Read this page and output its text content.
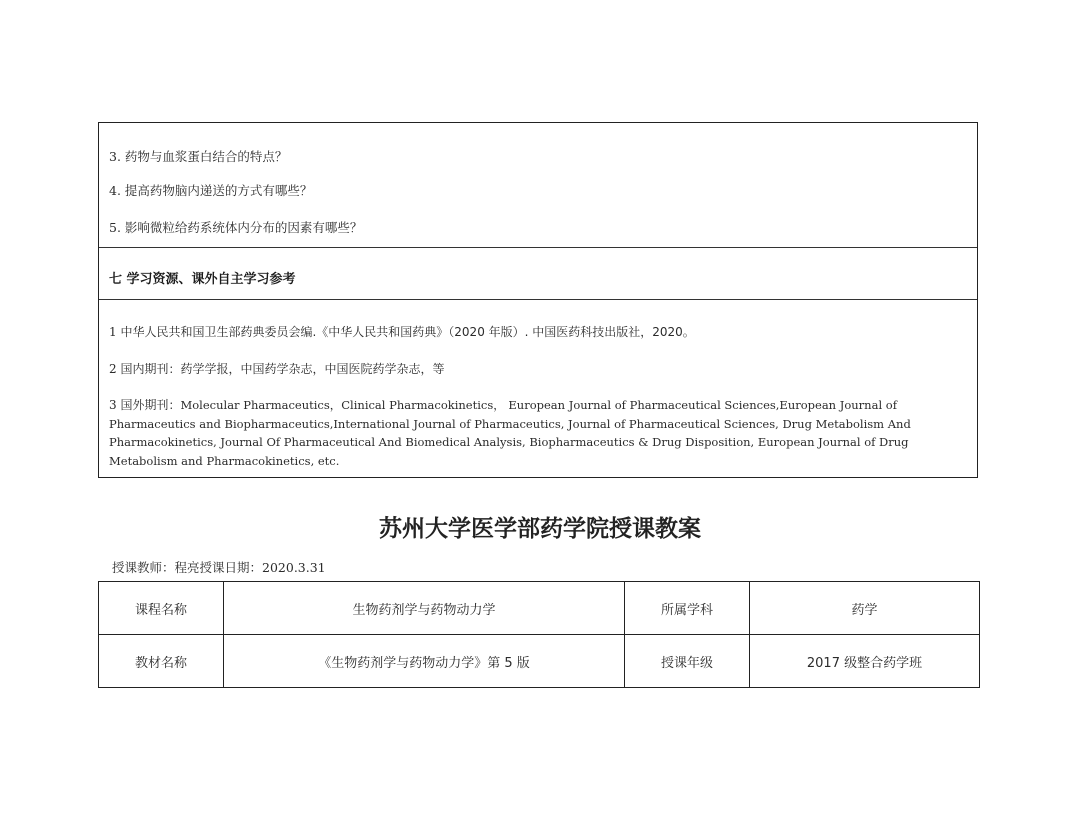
3. 药物与血浆蛋白结合的特点？
4. 提高药物脑内递送的方式有哪些？
5. 影响微粒给药系统体内分布的因素有哪些？
七 学习资源、课外自主学习参考
1 中华人民共和国卫生部药典委员会编.《中华人民共和国药典》（2020 年版）. 中国医药科技出版社，2020。
2 国内期刊：药学学报，中国药学杂志，中国医院药学杂志，等
3 国外期刊：Molecular Pharmaceutics，Clinical Pharmacokinetics， European Journal of Pharmaceutical Sciences,European Journal of Pharmaceutics and Biopharmaceutics,International Journal of Pharmaceutics, Journal of Pharmaceutical Sciences, Drug Metabolism And Pharmacokinetics, Journal Of Pharmaceutical And Biomedical Analysis, Biopharmaceutics & Drug Disposition, European Journal of Drug Metabolism and Pharmacokinetics, etc.
苏州大学医学部药学院授课教案
授课教师：程亮授课日期：2020.3.31
课程名称	生物药剂学与药物动力学	所属学科	药学
教材名称	《生物药剂学与药物动力学》第 5 版	授课年级	2017 级整合药学班
